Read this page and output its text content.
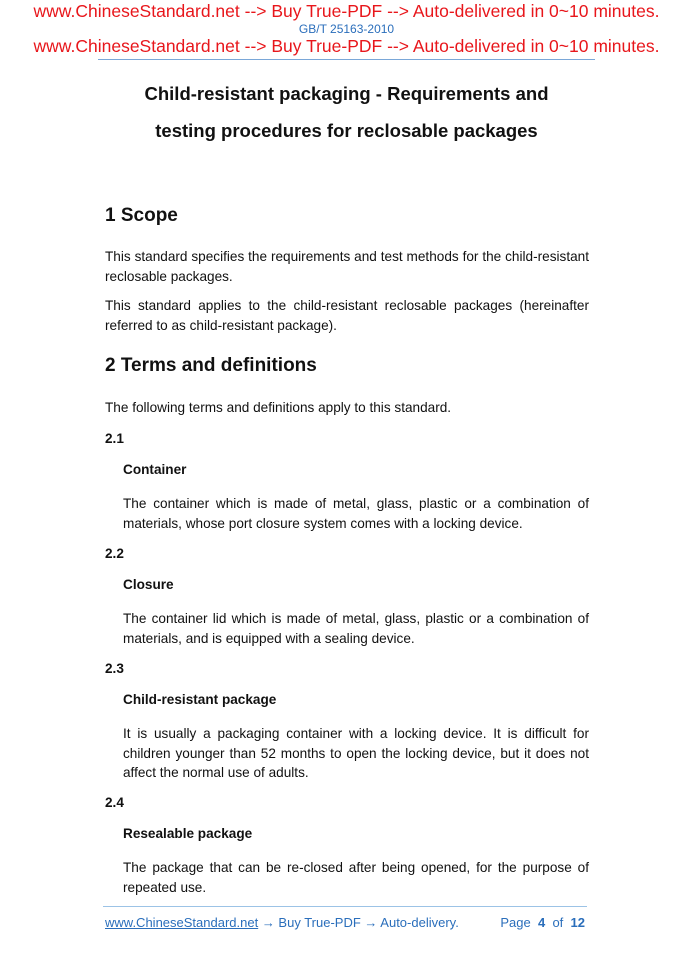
www.ChineseStandard.net --> Buy True-PDF --> Auto-delivered in 0~10 minutes.
GB/T 25163-2010
www.ChineseStandard.net --> Buy True-PDF --> Auto-delivered in 0~10 minutes.
Child-resistant packaging - Requirements and
testing procedures for reclosable packages
1 Scope
This standard specifies the requirements and test methods for the child-resistant reclosable packages.
This standard applies to the child-resistant reclosable packages (hereinafter referred to as child-resistant package).
2 Terms and definitions
The following terms and definitions apply to this standard.
2.1
Container
The container which is made of metal, glass, plastic or a combination of materials, whose port closure system comes with a locking device.
2.2
Closure
The container lid which is made of metal, glass, plastic or a combination of materials, and is equipped with a sealing device.
2.3
Child-resistant package
It is usually a packaging container with a locking device. It is difficult for children younger than 52 months to open the locking device, but it does not affect the normal use of adults.
2.4
Resealable package
The package that can be re-closed after being opened, for the purpose of repeated use.
www.ChineseStandard.net → Buy True-PDF → Auto-delivery.	Page 4 of 12
